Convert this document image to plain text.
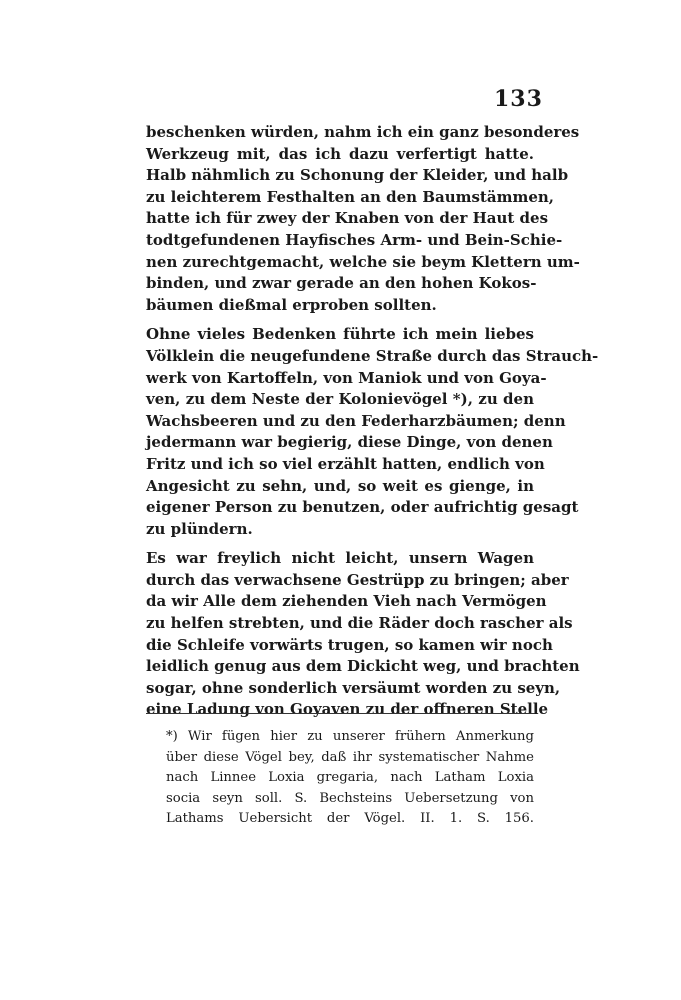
133
beschenken würden, nahm ich ein ganz besonderes
Werkzeug mit, das ich dazu verfertigt hatte.
Halb nähmlich zu Schonung der Kleider, und halb
zu leichterem Festhalten an den Baumstämmen,
hatte ich für zwey der Knaben von der Haut des
todtgefundenen Hayfisches Arm- und Bein-Schie-
nen zurechtgemacht, welche sie beym Klettern um-
binden, und zwar gerade an den hohen Kokos-
bäumen dießmal erproben sollten.
Ohne vieles Bedenken führte ich mein liebes
Völklein die neugefundene Straße durch das Strauch-
werk von Kartoffeln, von Maniok und von Goya-
ven, zu dem Neste der Kolonievögel *), zu den
Wachsbeeren und zu den Federharzbäumen; denn
jedermann war begierig, diese Dinge, von denen
Fritz und ich so viel erzählt hatten, endlich von
Angesicht zu sehn, und, so weit es gienge, in
eigener Person zu benutzen, oder aufrichtig gesagt
zu plündern.
Es war freylich nicht leicht, unsern Wagen
durch das verwachsene Gestrüpp zu bringen; aber
da wir Alle dem ziehenden Vieh nach Vermögen
zu helfen strebten, und die Räder doch rascher als
die Schleife vorwärts trugen, so kamen wir noch
leidlich genug aus dem Dickicht weg, und brachten
sogar, ohne sonderlich versäumt worden zu seyn,
eine Ladung von Goyaven zu der offneren Stelle
*) Wir fügen hier zu unserer frühern Anmerkung
über diese Vögel bey, daß ihr systematischer Nahme
nach Linnee Loxia gregaria, nach Latham Loxia
socia seyn soll. S. Bechsteins Uebersetzung von
Lathams Uebersicht der Vögel. II. 1. S. 156.
